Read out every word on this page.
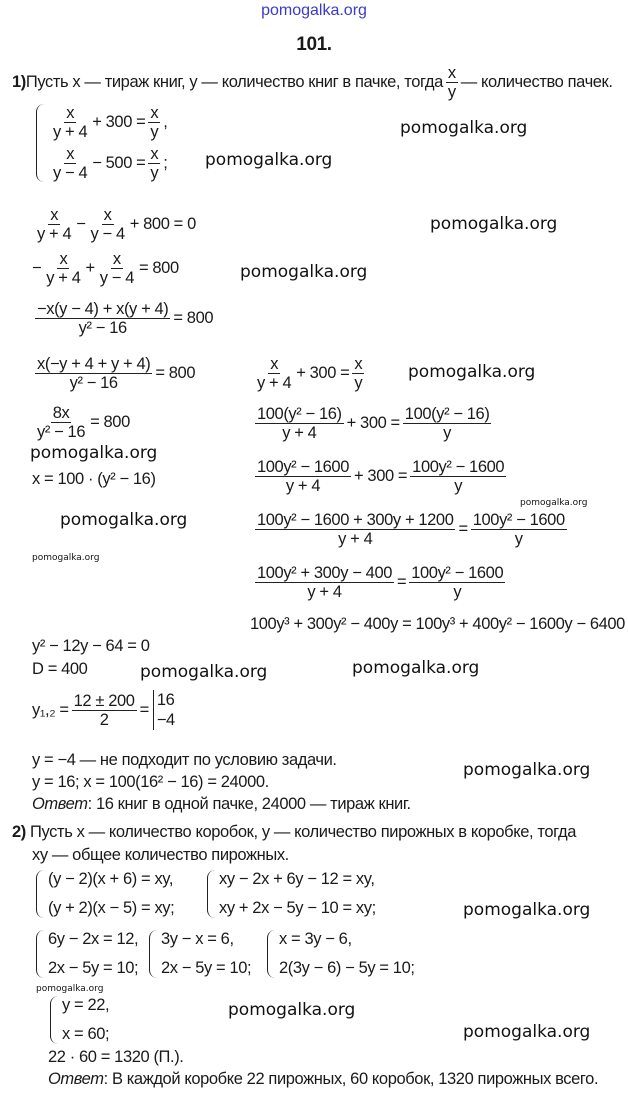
pomogalka.org
101.
1) Пусть x — тираж книг, y — количество книг в пачке, тогда $\frac{x}{y}$ — количество пачек.
$\frac{x}{y + 4} + 300 = \frac{x}{y}$ ,
$\frac{x}{y - 4} - 500 = \frac{x}{y}$ ;
$\frac{x}{y + 4} - \frac{x}{y - 4} + 800 = 0$
− $\frac{x}{y + 4} + \frac{x}{y - 4} = 800$
$\frac{-x(y - 4) + x(y + 4)}{\text{y² − 16}} = 800$
$\frac{x(-y + 4 + y + 4)}{\text{y² − 16}} = 800$
$\frac{8x}{\text{y² − 16}} = 800$
x = 100 · (y² − 16)
$\frac{x}{y + 4} + 300 = \frac{x}{y}$
$\frac{\text{100(y² − 16)}}{y + 4} + 300 = \frac{\text{100(y² − 16)}}{y}$
$\frac{\text{100y² − 1600}}{y + 4} + 300 = \frac{\text{100y² − 1600}}{y}$
$\frac{\text{100y² − 1600 + 300y + 1200}}{y + 4} = \frac{\text{100y² − 1600}}{y}$
$\frac{\text{100y² + 300y − 400}}{y + 4} = \frac{\text{100y² − 1600}}{y}$
100y³ + 300y² − 400y = 100y³ + 400y² − 1600y − 6400
y² − 12y − 64 = 0
D = 400
$y_1,_2 = \frac{12 \pm 200}{2}$ =
16
−4
y = −4 — не подходит по условию задачи.
y = 16; x = 100(16² − 16) = 24000.
Ответ: 16 книг в одной пачке, 24000 — тираж книг.
2) Пусть x — количество коробок, y — количество пирожных в коробке, тогда
xy — общее количество пирожных.
(y − 2)(x + 6) = xy,
(y + 2)(x − 5) = xy;
xy − 2x + 6y − 12 = xy,
xy + 2x − 5y − 10 = xy;
6y − 2x = 12,
2x − 5y = 10;
3y − x = 6,
2x − 5y = 10;
x = 3y − 6,
2(3y − 6) − 5y = 10;
y = 22,
x = 60;
22 · 60 = 1320 (П.).
Ответ: В каждой коробке 22 пирожных, 60 коробок, 1320 пирожных всего.
pomogalka.org
pomogalka.org
pomogalka.org
pomogalka.org
pomogalka.org
pomogalka.org
pomogalka.org
pomogalka.org
pomogalka.org
pomogalka.org
pomogalka.org
pomogalka.org
pomogalka.org
pomogalka.org
pomogalka.org
pomogalka.org
